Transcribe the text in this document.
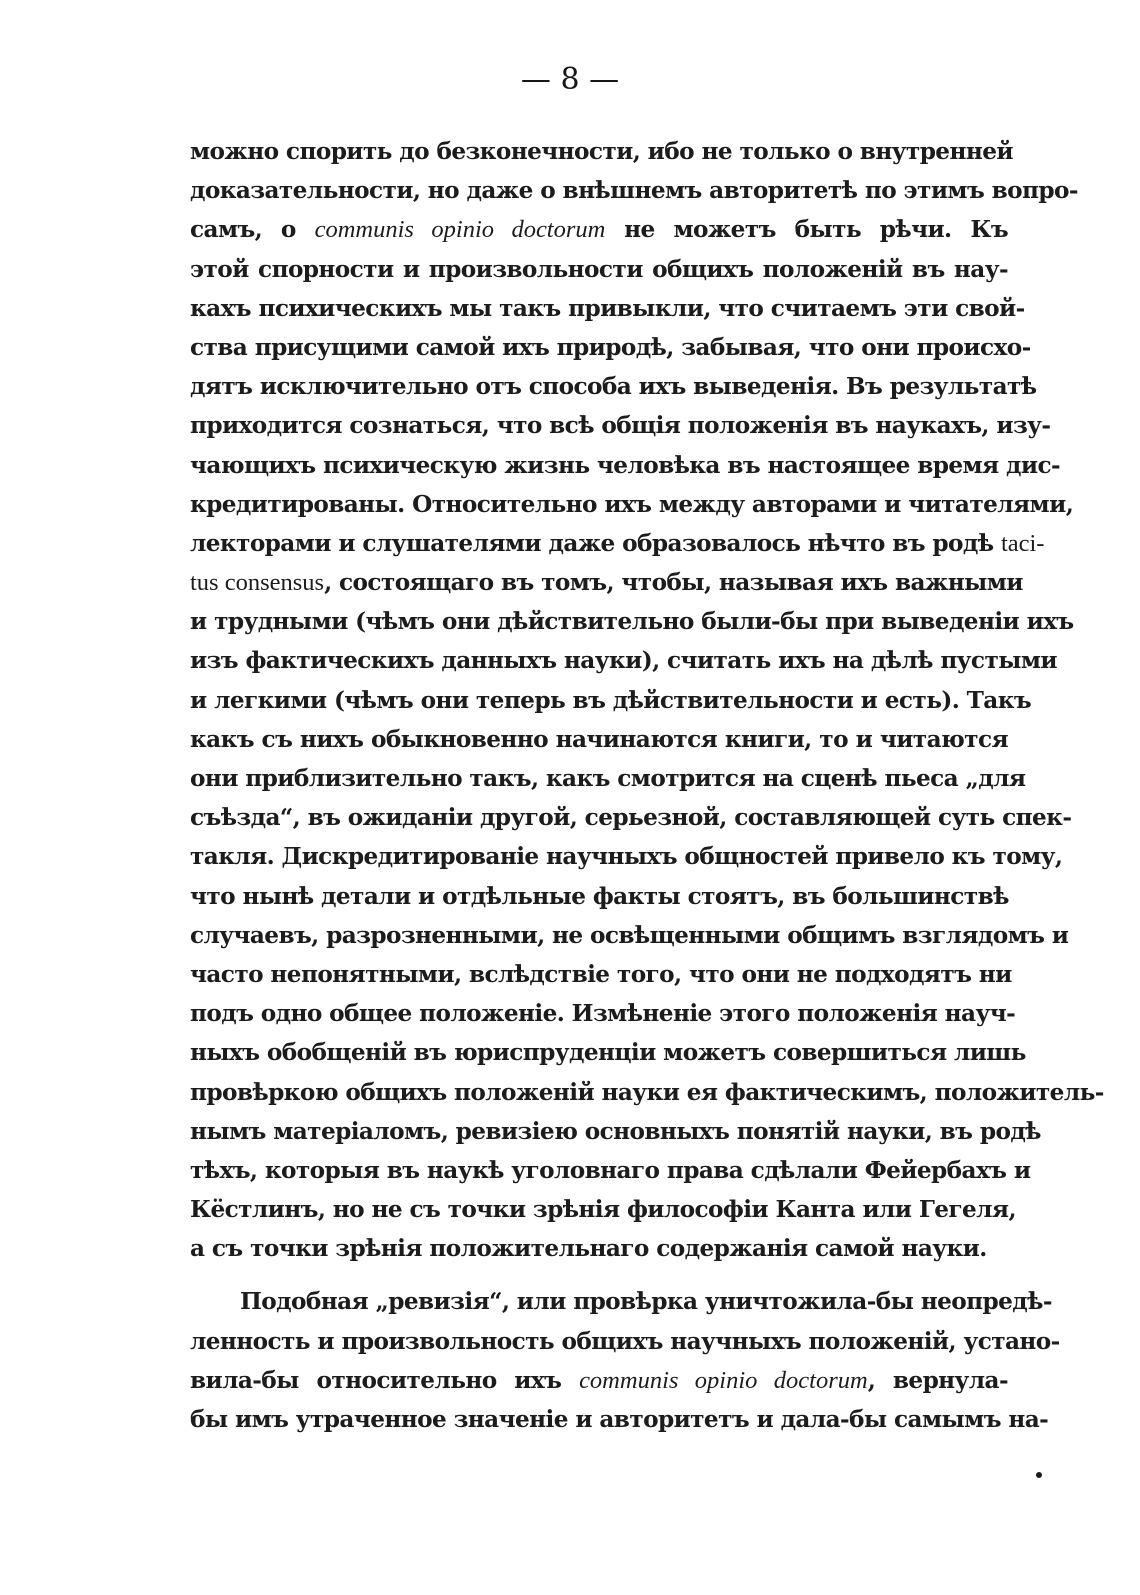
— 8 —
можно спорить до безконечности, ибо не только о внутренней
доказательности, но даже о внѣшнемъ авторитетѣ по этимъ вопро-
самъ, о communis opinio doctorum не можетъ быть рѣчи. Къ
этой спорности и произвольности общихъ положеній въ нау-
кахъ психическихъ мы такъ привыкли, что считаемъ эти свой-
ства присущими самой ихъ природѣ, забывая, что они происхо-
дятъ исключительно отъ способа ихъ выведенія. Въ результатѣ
приходится сознаться, что всѣ общія положенія въ наукахъ, изу-
чающихъ психическую жизнь человѣка въ настоящее время дис-
кредитированы. Относительно ихъ между авторами и читателями,
лекторами и слушателями даже образовалось нѣчто въ родѣ taci-
tus consensus, состоящаго въ томъ, чтобы, называя ихъ важными
и трудными (чѣмъ они дѣйствительно были-бы при выведеніи ихъ
изъ фактическихъ данныхъ науки), считать ихъ на дѣлѣ пустыми
и легкими (чѣмъ они теперь въ дѣйствительности и есть). Такъ
какъ съ нихъ обыкновенно начинаются книги, то и читаются
они приблизительно такъ, какъ смотрится на сценѣ пьеса „для
съѣзда“, въ ожиданіи другой, серьезной, составляющей суть спек-
такля. Дискредитированіе научныхъ общностей привело къ тому,
что нынѣ детали и отдѣльные факты стоятъ, въ большинствѣ
случаевъ, разрозненными, не освѣщенными общимъ взглядомъ и
часто непонятными, вслѣдствіе того, что они не подходятъ ни
подъ одно общее положеніе. Измѣненіе этого положенія науч-
ныхъ обобщеній въ юриспруденціи можетъ совершиться лишь
провѣркою общихъ положеній науки ея фактическимъ, положитель-
нымъ матеріаломъ, ревизіею основныхъ понятій науки, въ родѣ
тѣхъ, которыя въ наукѣ уголовнаго права сдѣлали Фейербахъ и
Кёстлинъ, но не съ точки зрѣнія философіи Канта или Гегеля,
а съ точки зрѣнія положительнаго содержанія самой науки.
Подобная „ревизія“, или провѣрка уничтожила-бы неопредѣ-
ленность и произвольность общихъ научныхъ положеній, устано-
вила-бы относительно ихъ communis opinio doctorum, вернула-
бы имъ утраченное значеніе и авторитетъ и дала-бы самымъ на-
